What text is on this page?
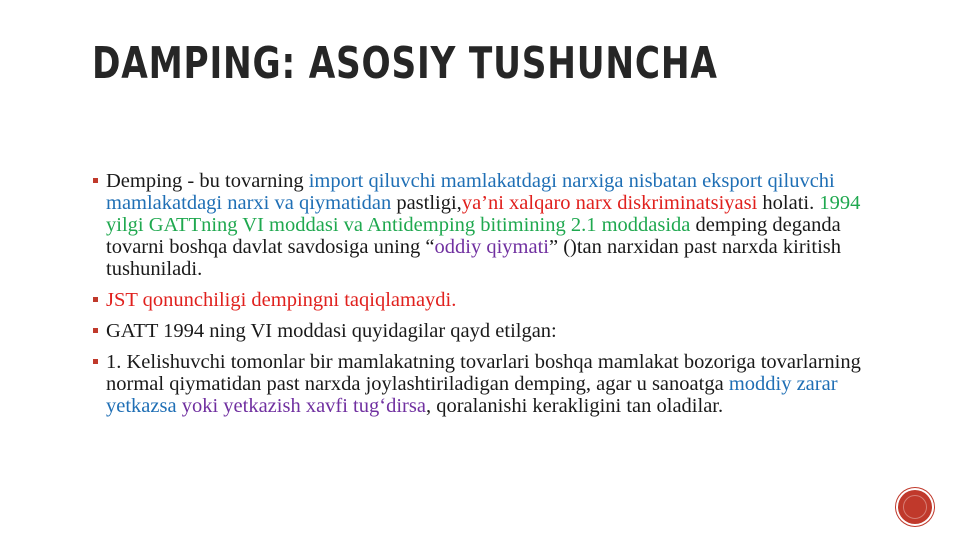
DAMPING: ASOSIY TUSHUNCHA
Demping - bu tovarning import qiluvchi mamlakatdagi narxiga nisbatan eksport qiluvchi mamlakatdagi narxi va qiymatidan pastligi,ya’ni xalqaro narx diskriminatsiyasi holati. 1994 yilgi GATTning VI moddasi va Antidemping bitimining 2.1 moddasida demping deganda tovarni boshqa davlat savdosiga uning “oddiy qiymati” ()tan narxidan past narxda kiritish tushuniladi.
JST qonunchiligi dempingni taqiqlamaydi.
GATT 1994 ning VI moddasi quyidagilar qayd etilgan:
1. Kelishuvchi tomonlar bir mamlakatning tovarlari boshqa mamlakat bozoriga tovarlarning normal qiymatidan past narxda joylashtiriladigan demping, agar u sanoatga moddiy zarar yetkazsa yoki yetkazish xavfi tug‘dirsa, qoralanishi kerakligini tan oladilar.
